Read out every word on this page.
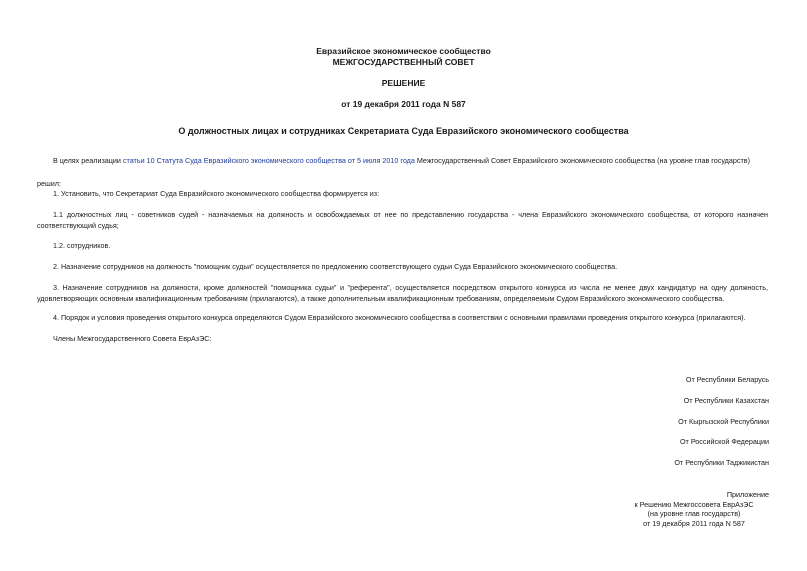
Евразийское экономическое сообщество
МЕЖГОСУДАРСТВЕННЫЙ СОВЕТ
РЕШЕНИЕ
от 19 декабря 2011 года N 587
О должностных лицах и сотрудниках Секретариата Суда Евразийского экономического сообщества
В целях реализации статьи 10 Статута Суда Евразийского экономического сообщества от 5 июля 2010 года Межгосударственный Совет Евразийского экономического сообщества (на уровне глав государств)
решил:
1. Установить, что Секретариат Суда Евразийского экономического сообщества формируется из:
1.1 должностных лиц - советников судей - назначаемых на должность и освобождаемых от нее по представлению государства - члена Евразийского экономического сообщества, от которого назначен соответствующий судья;
1.2. сотрудников.
2. Назначение сотрудников на должность "помощник судьи" осуществляется по предложению соответствующего судьи Суда Евразийского экономического сообщества.
3. Назначение сотрудников на должности, кроме должностей "помощника судьи" и "референта", осуществляется посредством открытого конкурса из числа не менее двух кандидатур на одну должность, удовлетворяющих основным квалификационным требованиям (прилагаются), а также дополнительным квалификационным требованиям, определяемым Судом Евразийского экономического сообщества.
4. Порядок и условия проведения открытого конкурса определяются Судом Евразийского экономического сообщества в соответствии с основными правилами проведения открытого конкурса (прилагаются).
Члены Межгосударственного Совета ЕврАзЭС:
От Республики Беларусь
От Республики Казахстан
От Кыргызской Республики
От Российской Федерации
От Республики Таджикистан
Приложение
к Решению Межгоссовета ЕврАзЭС
(на уровне глав государств)
от 19 декабря 2011 года N 587
